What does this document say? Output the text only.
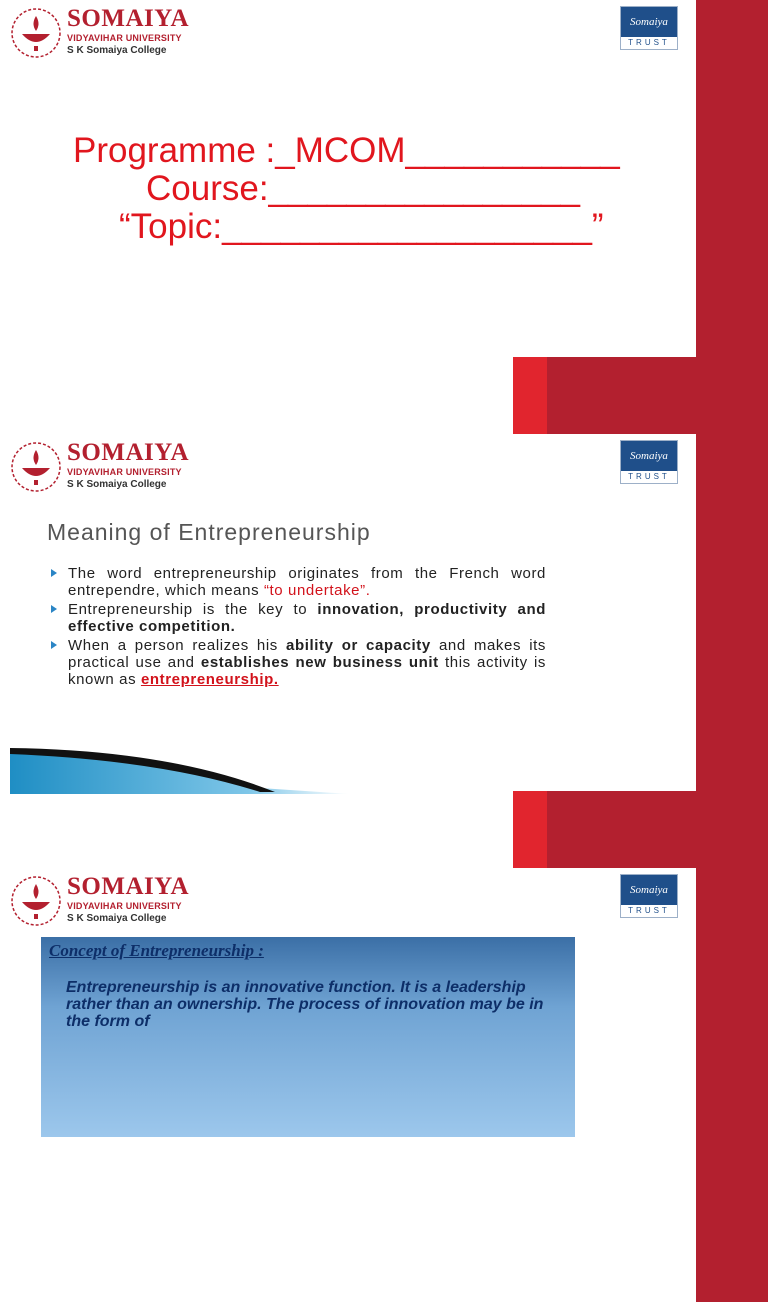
SOMAIYA
VIDYAVIHAR UNIVERSITY
S K Somaiya College
Somaiya
TRUST
Programme :_MCOM___________
Course:________________
“Topic:___________________”
SOMAIYA
VIDYAVIHAR UNIVERSITY
S K Somaiya College
Somaiya
TRUST
Meaning of Entrepreneurship
The word entrepreneurship originates from the French word entrependre, which means “to undertake”.
Entrepreneurship is the key to innovation, productivity and effective competition.
When a person realizes his ability or capacity and makes its practical use and establishes new business unit this activity is known as entrepreneurship.
SOMAIYA
VIDYAVIHAR UNIVERSITY
S K Somaiya College
Somaiya
TRUST
Concept of Entrepreneurship :
Entrepreneurship is an innovative function. It is a leadership rather than an ownership. The process of innovation may be in the form of
